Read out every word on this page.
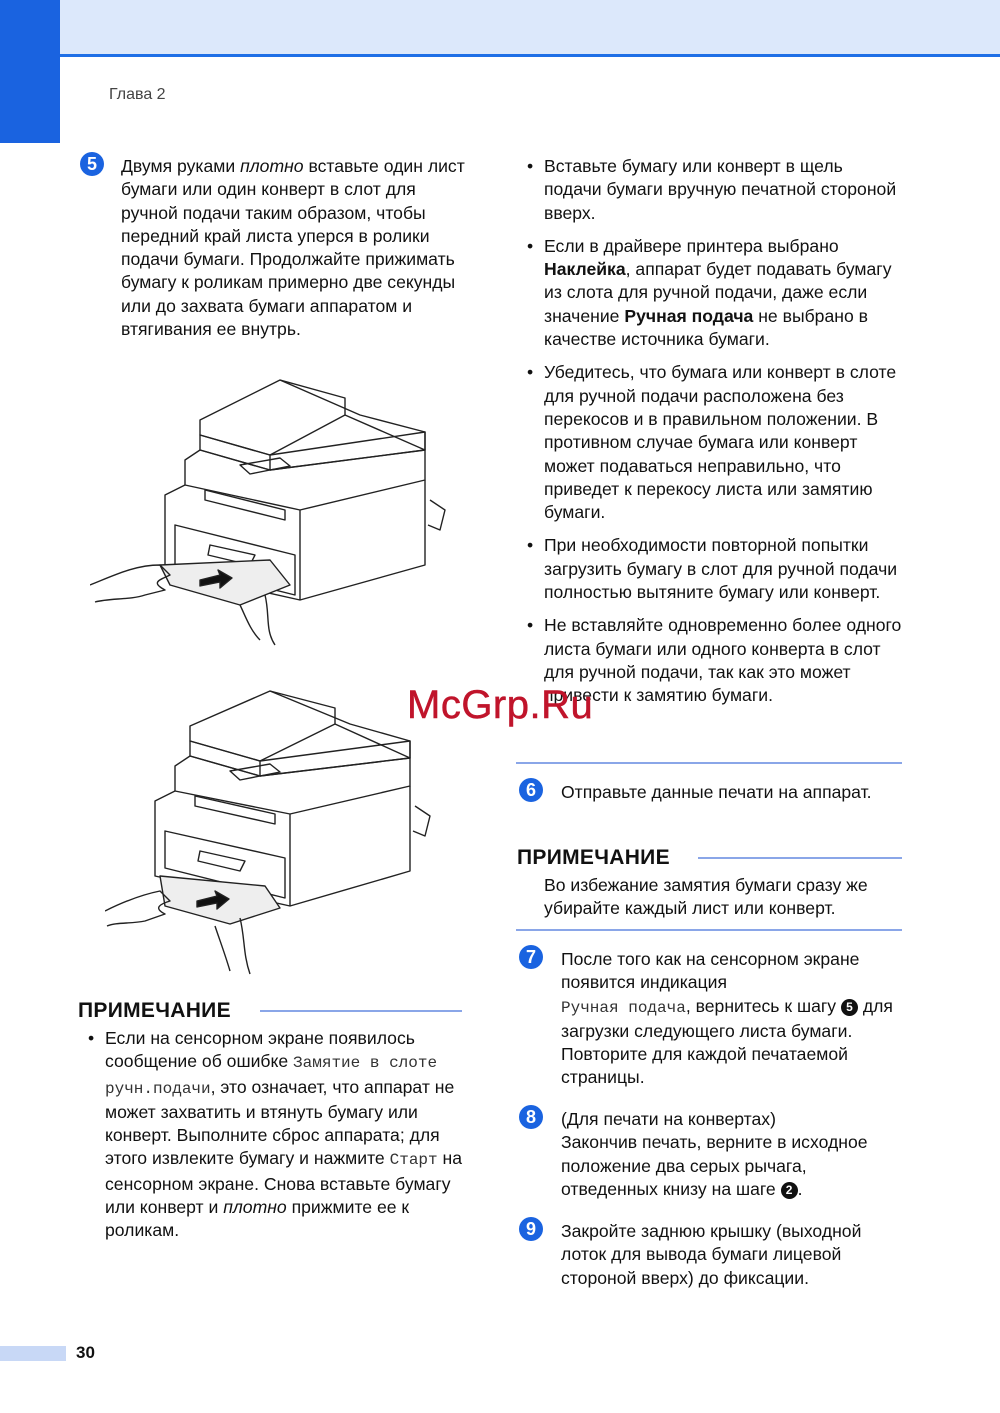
Глава 2
5	Двумя руками плотно вставьте один лист бумаги или один конверт в слот для ручной подачи таким образом, чтобы передний край листа уперся в ролики подачи бумаги. Продолжайте прижимать бумагу к роликам примерно две секунды или до захвата бумаги аппаратом и втягивания ее внутрь.
ПРИМЕЧАНИЕ
• Если на сенсорном экране появилось сообщение об ошибке Замятие в слоте ручн.подачи, это означает, что аппарат не может захватить и втянуть бумагу или конверт. Выполните сброс аппарата; для этого извлеките бумагу и нажмите Старт на сенсорном экране. Снова вставьте бумагу или конверт и плотно прижмите ее к роликам.
• Вставьте бумагу или конверт в щель подачи бумаги вручную печатной стороной вверх.
• Если в драйвере принтера выбрано Наклейка, аппарат будет подавать бумагу из слота для ручной подачи, даже если значение Ручная подача не выбрано в качестве источника бумаги.
• Убедитесь, что бумага или конверт в слоте для ручной подачи расположена без перекосов и в правильном положении. В противном случае бумага или конверт может подаваться неправильно, что приведет к перекосу листа или замятию бумаги.
• При необходимости повторной попытки загрузить бумагу в слот для ручной подачи полностью вытяните бумагу или конверт.
• Не вставляйте одновременно более одного листа бумаги или одного конверта в слот для ручной подачи, так как это может привести к замятию бумаги.
6	Отправьте данные печати на аппарат.
ПРИМЕЧАНИЕ
Во избежание замятия бумаги сразу же убирайте каждый лист или конверт.
7	После того как на сенсорном экране появится индикация
Ручная подача, вернитесь к шагу 5 для загрузки следующего листа бумаги. Повторите для каждой печатаемой страницы.
8	(Для печати на конвертах)
Закончив печать, верните в исходное положение два серых рычага, отведенных книзу на шаге 2 .
9	Закройте заднюю крышку (выходной лоток для вывода бумаги лицевой стороной вверх) до фиксации.
McGrp.Ru
30
